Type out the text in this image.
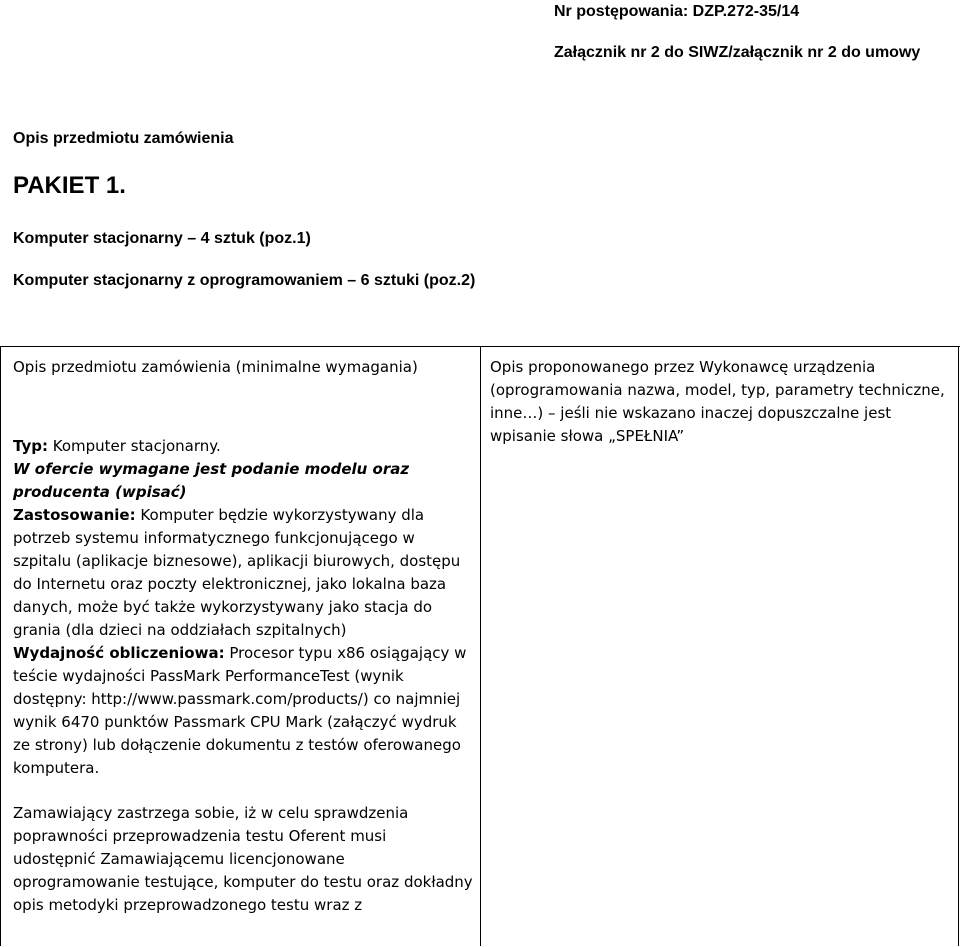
Nr postępowania: DZP.272-35/14
Załącznik nr 2 do SIWZ/załącznik nr 2 do umowy
Opis przedmiotu zamówienia
PAKIET 1.
Komputer stacjonarny – 4 sztuk (poz.1)
Komputer stacjonarny z oprogramowaniem – 6 sztuki (poz.2)

Opis przedmiotu zamówienia (minimalne wymagania)

Typ: Komputer stacjonarny.

W ofercie wymagane jest podanie modelu oraz producenta (wpisać)

Zastosowanie: Komputer będzie wykorzystywany dla potrzeb systemu informatycznego funkcjonującego w szpitalu (aplikacje biznesowe), aplikacji biurowych, dostępu do Internetu oraz poczty elektronicznej, jako lokalna baza danych, może być także wykorzystywany jako stacja do grania (dla dzieci na oddziałach szpitalnych)

Wydajność obliczeniowa: Procesor typu x86 osiągający w teście wydajności PassMark PerformanceTest (wynik dostępny: http://www.passmark.com/products/) co najmniej wynik 6470 punktów Passmark CPU Mark (załączyć wydruk ze strony) lub dołączenie dokumentu z testów oferowanego komputera.

Zamawiający zastrzega sobie, iż w celu sprawdzenia poprawności przeprowadzenia testu Oferent musi udostępnić Zamawiającemu licencjonowane oprogramowanie testujące, komputer do testu oraz dokładny opis metodyki przeprowadzonego testu wraz z

Opis proponowanego przez Wykonawcę urządzenia (oprogramowania nazwa, model, typ, parametry techniczne, inne…) – jeśli nie wskazano inaczej dopuszczalne jest wpisanie słowa „SPEŁNIA”
